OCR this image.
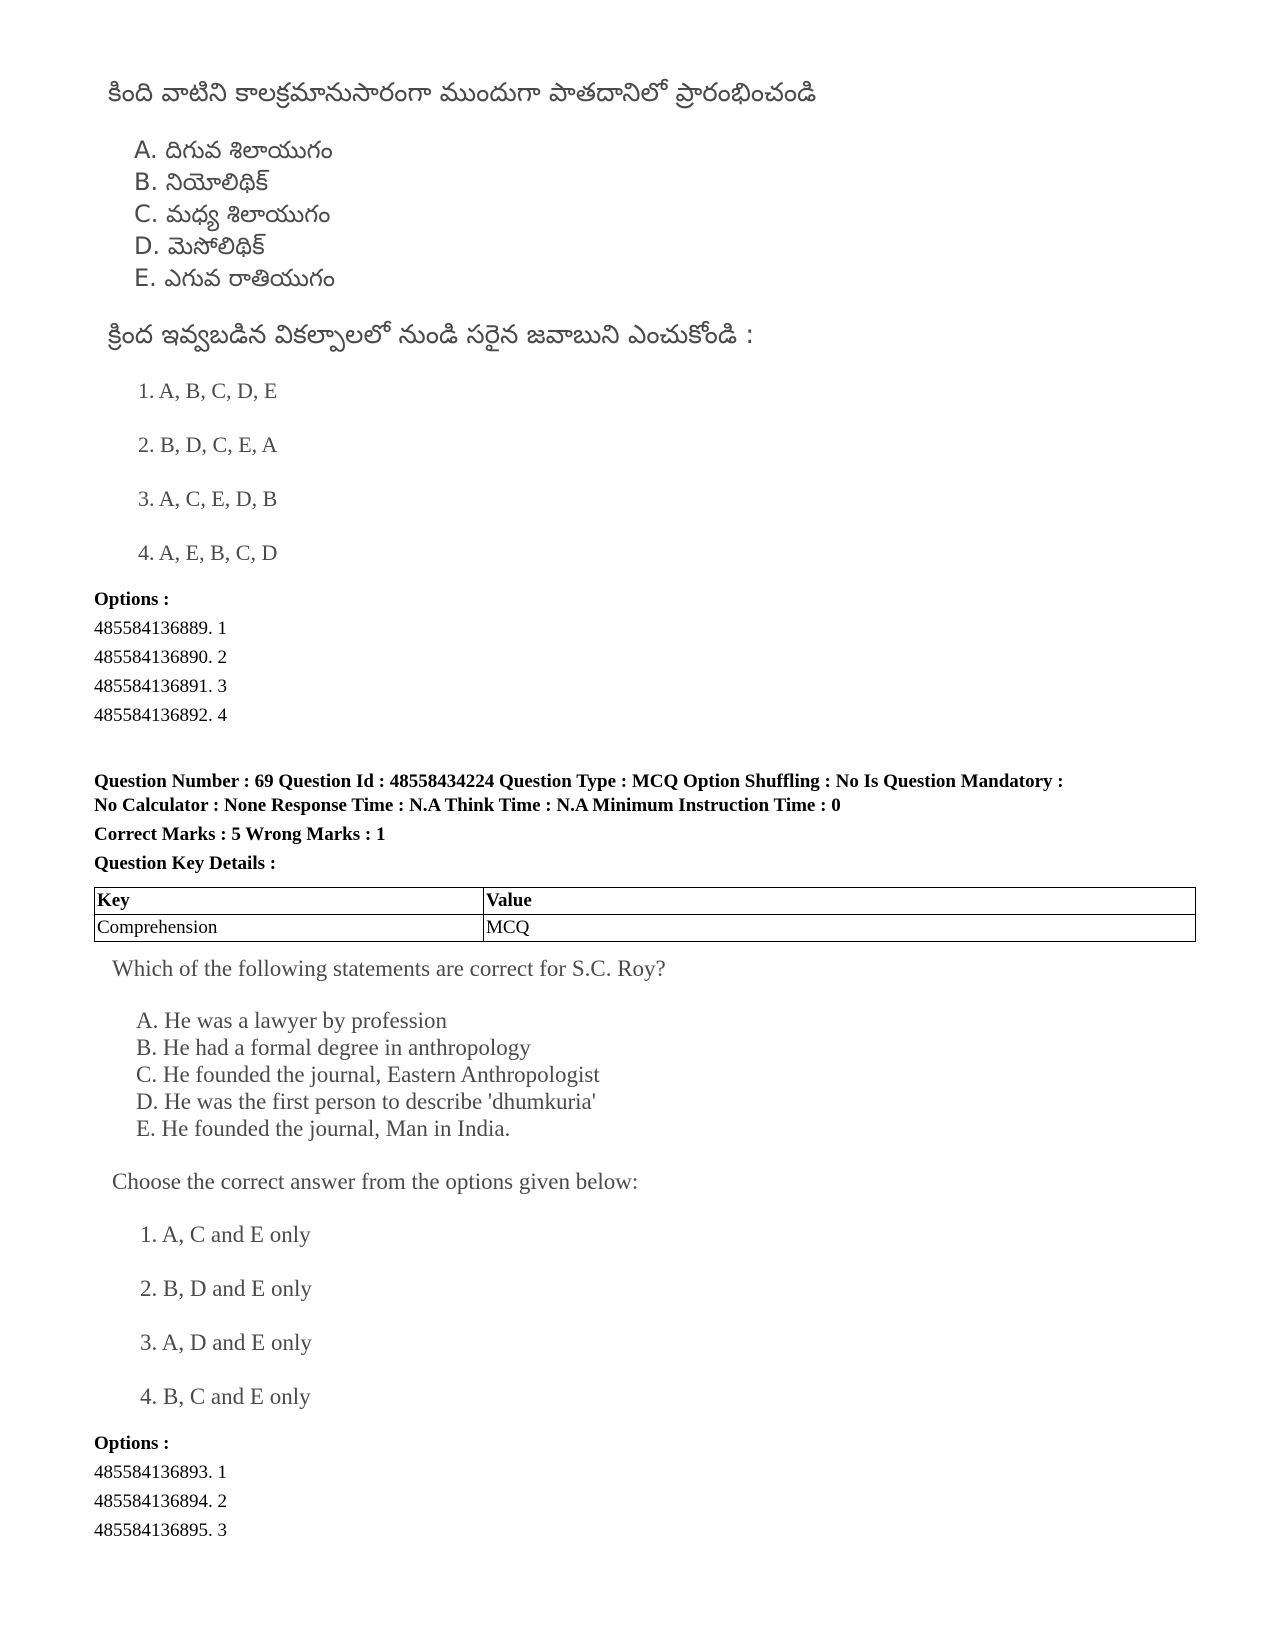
కింది వాటిని కాలక్రమానుసారంగా ముందుగా పాతదానిలో ప్రారంభించండి
A. దిగువ శిలాయుగం
B. నియోలిథిక్
C. మధ్య శిలాయుగం
D. మెసోలిథిక్
E. ఎగువ రాతియుగం
క్రింద ఇవ్వబడిన వికల్పాలలో నుండి సరైన జవాబుని ఎంచుకోండి :
1. A, B, C, D, E
2. B, D, C, E, A
3. A, C, E, D, B
4. A, E, B, C, D
Options :
485584136889. 1
485584136890. 2
485584136891. 3
485584136892. 4
Question Number : 69 Question Id : 48558434224 Question Type : MCQ Option Shuffling : No Is Question Mandatory :
No Calculator : None Response Time : N.A Think Time : N.A Minimum Instruction Time : 0
Correct Marks : 5 Wrong Marks : 1
Question Key Details :
Key	Value
Comprehension	MCQ
Which of the following statements are correct for S.C. Roy?
A. He was a lawyer by profession
B. He had a formal degree in anthropology
C. He founded the journal, Eastern Anthropologist
D. He was the first person to describe 'dhumkuria'
E. He founded the journal, Man in India.
Choose the correct answer from the options given below:
1. A, C and E only
2. B, D and E only
3. A, D and E only
4. B, C and E only
Options :
485584136893. 1
485584136894. 2
485584136895. 3
